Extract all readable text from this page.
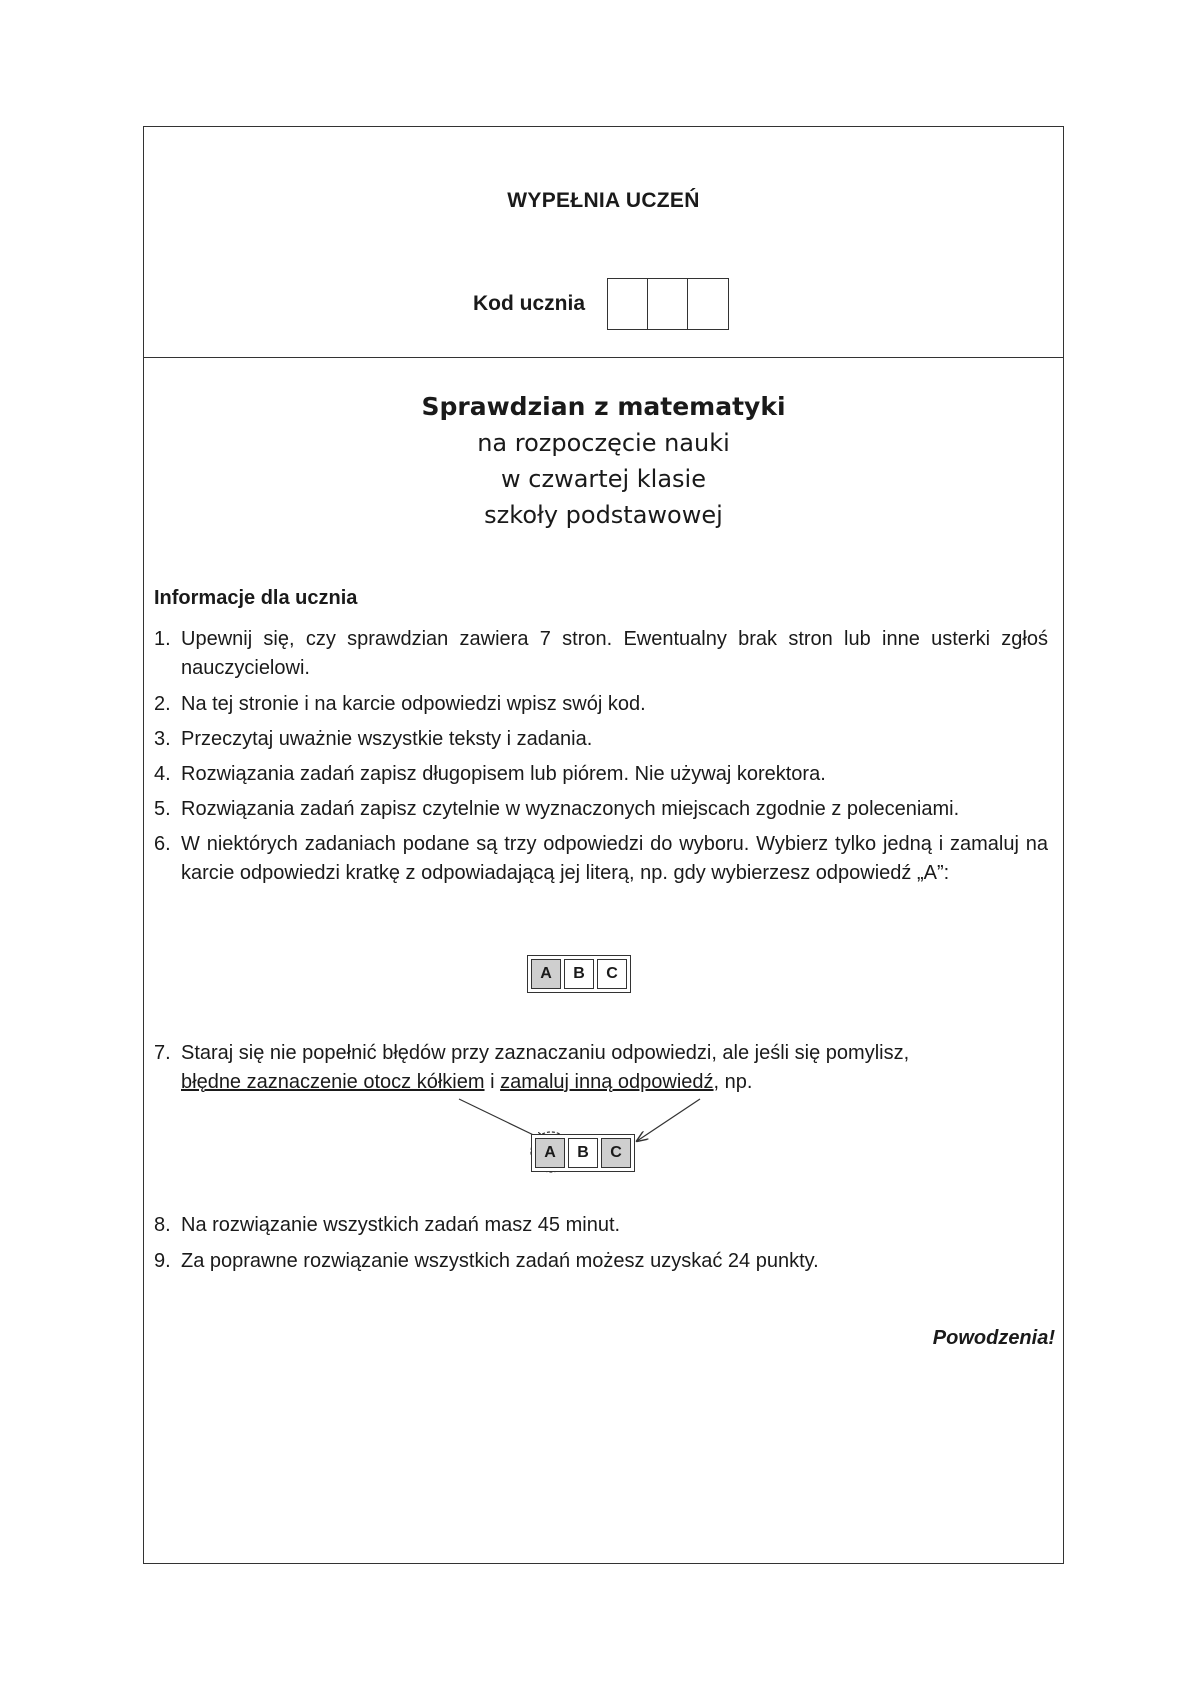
WYPEŁNIA UCZEŃ
Kod ucznia
Sprawdzian z matematyki
na rozpoczęcie nauki
w czwartej klasie
szkoły podstawowej
Informacje dla ucznia
1. Upewnij się, czy sprawdzian zawiera 7 stron. Ewentualny brak stron lub inne usterki zgłoś nauczycielowi.
2. Na tej stronie i na karcie odpowiedzi wpisz swój kod.
3. Przeczytaj uważnie wszystkie teksty i zadania.
4. Rozwiązania zadań zapisz długopisem lub piórem. Nie używaj korektora.
5. Rozwiązania zadań zapisz czytelnie w wyznaczonych miejscach zgodnie z poleceniami.
6. W niektórych zadaniach podane są trzy odpowiedzi do wyboru. Wybierz tylko jedną i zamaluj na karcie odpowiedzi kratkę z odpowiadającą jej literą, np. gdy wybierzesz odpowiedź „A”:
A	B	C
7. Staraj się nie popełnić błędów przy zaznaczaniu odpowiedzi, ale jeśli się pomylisz,
błędne zaznaczenie otocz kółkiem i zamaluj inną odpowiedź, np.
A	B	C
8. Na rozwiązanie wszystkich zadań masz 45 minut.
9. Za poprawne rozwiązanie wszystkich zadań możesz uzyskać 24 punkty.
Powodzenia!
